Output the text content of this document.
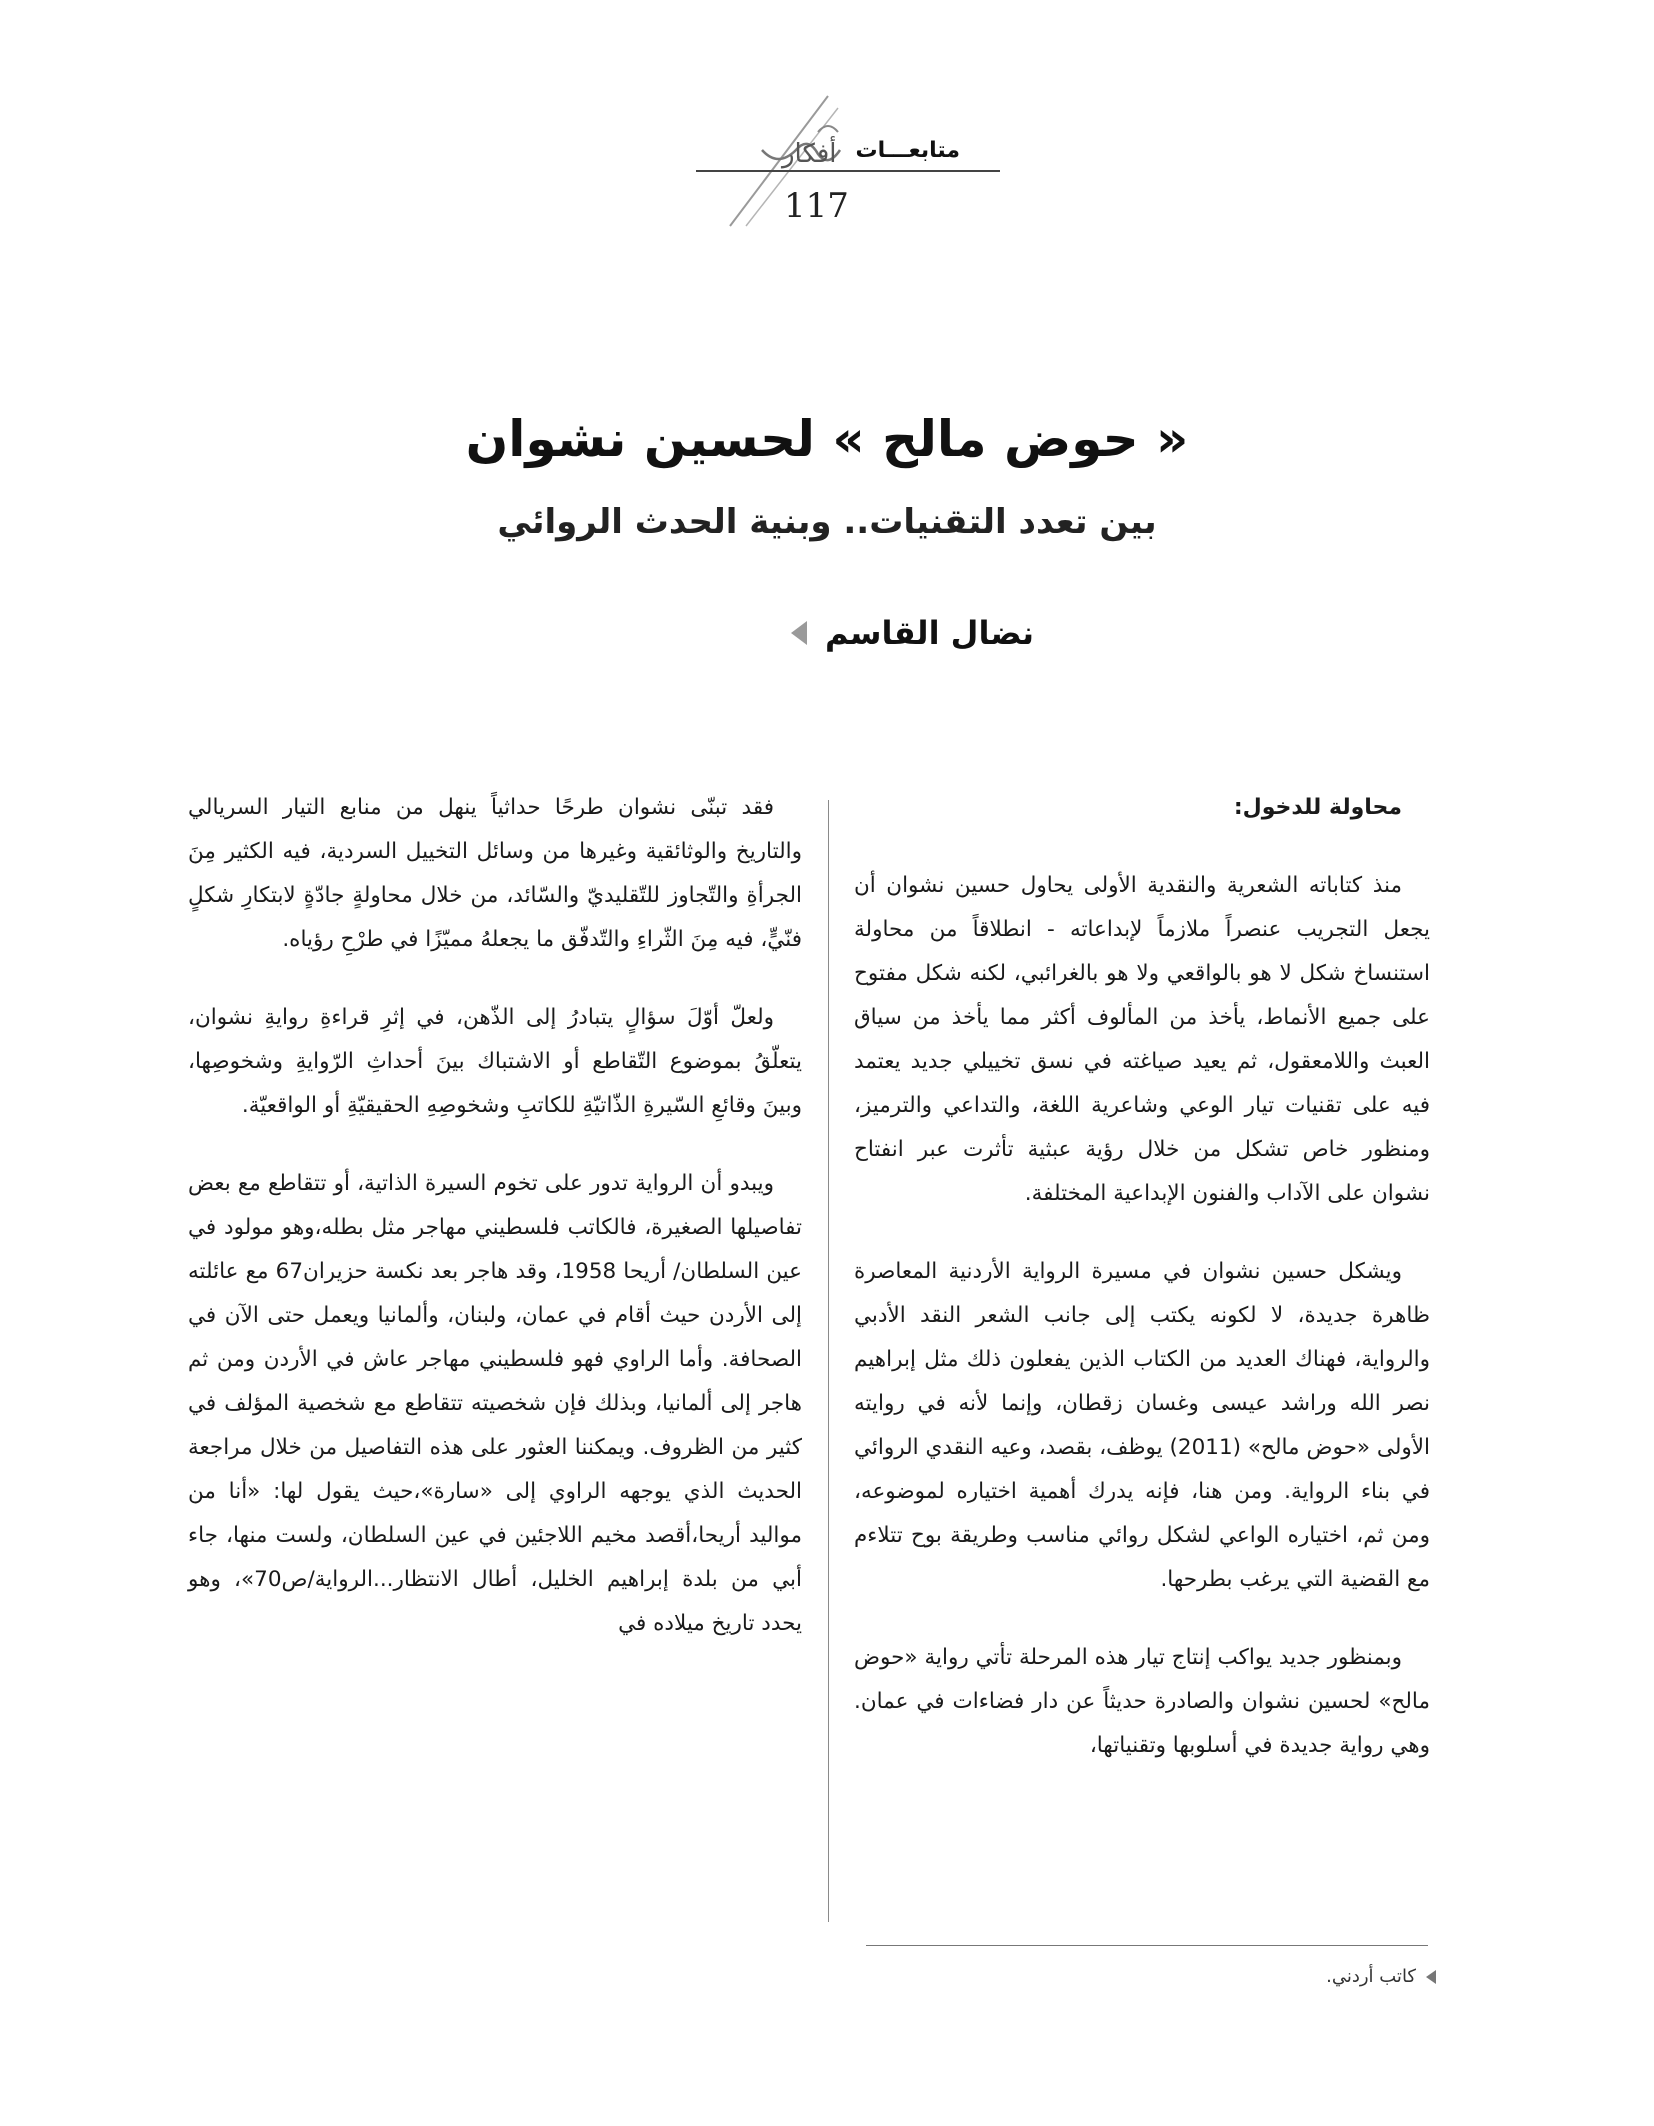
أفكار متابعـــات
117
« حوض مالح » لحسين نشوان
بين تعدد التقنيات.. وبنية الحدث الروائي
نضال القاسم

محاولة للدخول:

منذ كتاباته الشعرية والنقدية الأولى يحاول حسين نشوان أن يجعل التجريب عنصراً ملازماً لإبداعاته - انطلاقاً من محاولة استنساخ شكل لا هو بالواقعي ولا هو بالغرائبي، لكنه شكل مفتوح على جميع الأنماط، يأخذ من المألوف أكثر مما يأخذ من سياق العبث واللامعقول، ثم يعيد صياغته في نسق تخييلي جديد يعتمد فيه على تقنيات تيار الوعي وشاعرية اللغة، والتداعي والترميز، ومنظور خاص تشكل من خلال رؤية عبثية تأثرت عبر انفتاح نشوان على الآداب والفنون الإبداعية المختلفة.

ويشكل حسين نشوان في مسيرة الرواية الأردنية المعاصرة ظاهرة جديدة، لا لكونه يكتب إلى جانب الشعر النقد الأدبي والرواية، فهناك العديد من الكتاب الذين يفعلون ذلك مثل إبراهيم نصر الله وراشد عيسى وغسان زقطان، وإنما لأنه في روايته الأولى «حوض مالح» (2011) يوظف، بقصد، وعيه النقدي الروائي في بناء الرواية. ومن هنا، فإنه يدرك أهمية اختياره لموضوعه، ومن ثم، اختياره الواعي لشكل روائي مناسب وطريقة بوح تتلاءم مع القضية التي يرغب بطرحها.

وبمنظور جديد يواكب إنتاج تيار هذه المرحلة تأتي رواية «حوض مالح» لحسين نشوان والصادرة حديثاً عن دار فضاءات في عمان. وهي رواية جديدة في أسلوبها وتقنياتها،

فقد تبنّى نشوان طرحًا حداثياً ينهل من منابع التيار السريالي والتاريخ والوثائقية وغيرها من وسائل التخييل السردية، فيه الكثير مِنَ الجرأةِ والتّجاوز للتّقليديّ والسّائد، من خلال محاولةٍ جادّةٍ لابتكارِ شكلٍ فنّيٍّ، فيه مِنَ الثّراءِ والتّدفّق ما يجعلهُ مميّزًا في طرْحِ رؤياه.

ولعلّ أوّلَ سؤالٍ يتبادرُ إلى الذّهن، في إثرِ قراءةِ روايةِ نشوان، يتعلّقُ بموضوع التّقاطع أو الاشتباك بينَ أحداثِ الرّوايةِ وشخوصِها، وبينَ وقائعِ السّيرةِ الذّاتيّةِ للكاتبِ وشخوصِهِ الحقيقيّةِ أو الواقعيّة.

ويبدو أن الرواية تدور على تخوم السيرة الذاتية، أو تتقاطع مع بعض تفاصيلها الصغيرة، فالكاتب فلسطيني مهاجر مثل بطله،وهو مولود في عين السلطان/ أريحا 1958، وقد هاجر بعد نكسة حزيران67 مع عائلته إلى الأردن حيث أقام في عمان، ولبنان، وألمانيا ويعمل حتى الآن في الصحافة. وأما الراوي فهو فلسطيني مهاجر عاش في الأردن ومن ثم هاجر إلى ألمانيا، وبذلك فإن شخصيته تتقاطع مع شخصية المؤلف في كثير من الظروف. ويمكننا العثور على هذه التفاصيل من خلال مراجعة الحديث الذي يوجهه الراوي إلى «سارة»،حيث يقول لها: «أنا من مواليد أريحا،أقصد مخيم اللاجئين في عين السلطان، ولست منها، جاء أبي من بلدة إبراهيم الخليل، أطال الانتظار...الرواية/ص70»، وهو يحدد تاريخ ميلاده في

كاتب أردني.
